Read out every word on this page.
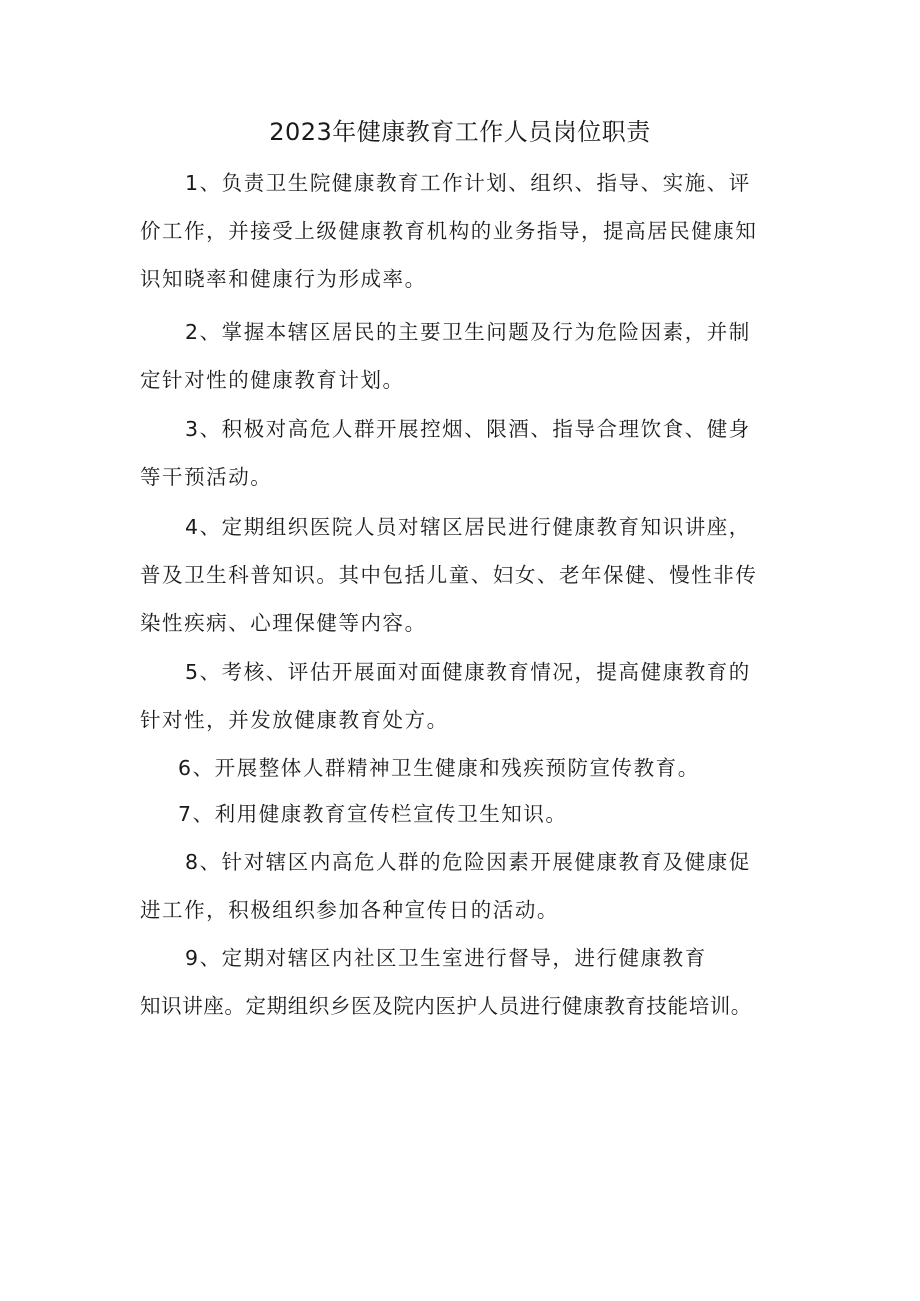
2023年健康教育工作人员岗位职责
1、负责卫生院健康教育工作计划、组织、指导、实施、评
价工作，并接受上级健康教育机构的业务指导，提高居民健康知
识知晓率和健康行为形成率。
2、掌握本辖区居民的主要卫生问题及行为危险因素，并制
定针对性的健康教育计划。
3、积极对高危人群开展控烟、限酒、指导合理饮食、健身
等干预活动。
4、定期组织医院人员对辖区居民进行健康教育知识讲座，
普及卫生科普知识。其中包括儿童、妇女、老年保健、慢性非传
染性疾病、心理保健等内容。
5、考核、评估开展面对面健康教育情况，提高健康教育的
针对性，并发放健康教育处方。
6、开展整体人群精神卫生健康和残疾预防宣传教育。
7、利用健康教育宣传栏宣传卫生知识。
8、针对辖区内高危人群的危险因素开展健康教育及健康促
进工作，积极组织参加各种宣传日的活动。
9、定期对辖区内社区卫生室进行督导，进行健康教育
知识讲座。定期组织乡医及院内医护人员进行健康教育技能培训。
